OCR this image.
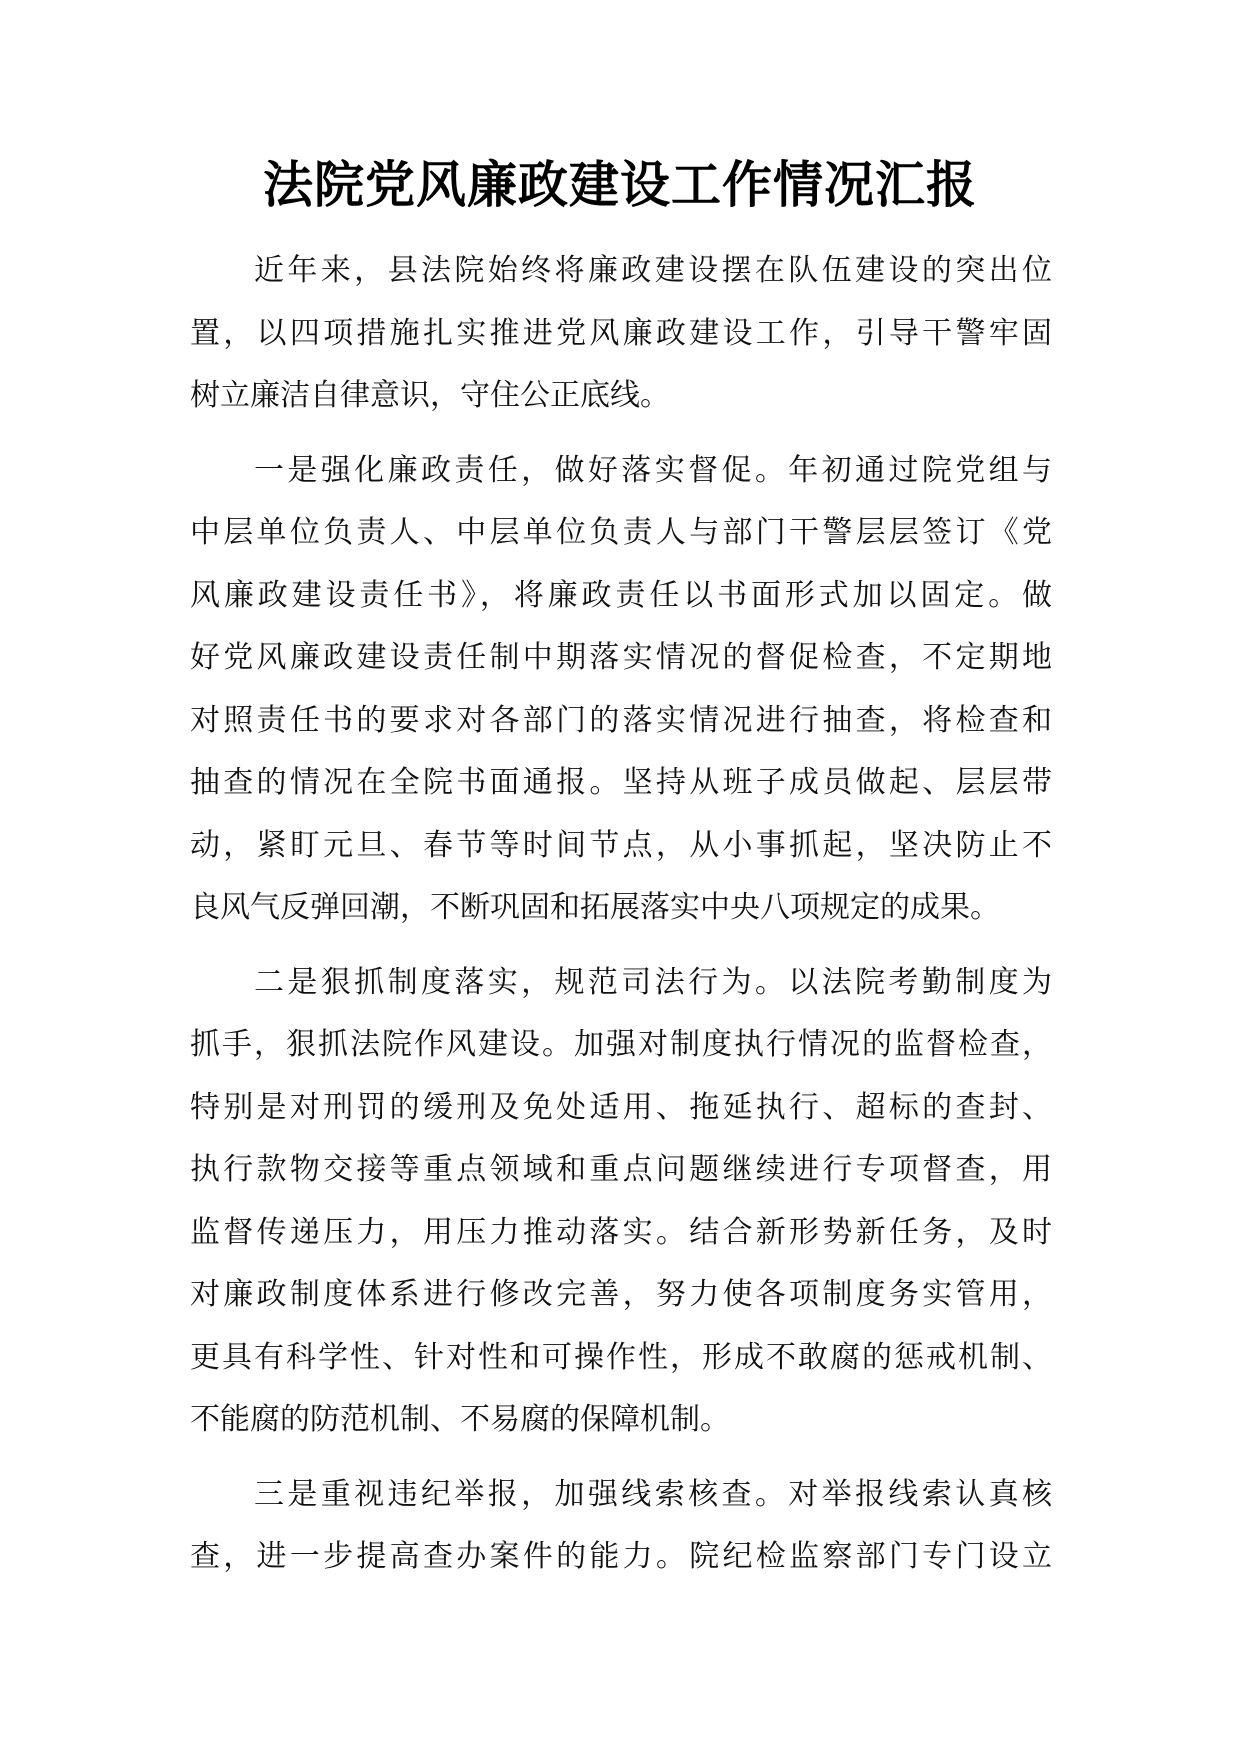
法院党风廉政建设工作情况汇报
近年来，县法院始终将廉政建设摆在队伍建设的突出位
置，以四项措施扎实推进党风廉政建设工作，引导干警牢固
树立廉洁自律意识，守住公正底线。
一是强化廉政责任，做好落实督促。年初通过院党组与
中层单位负责人、中层单位负责人与部门干警层层签订《党
风廉政建设责任书》，将廉政责任以书面形式加以固定。做
好党风廉政建设责任制中期落实情况的督促检查，不定期地
对照责任书的要求对各部门的落实情况进行抽查，将检查和
抽查的情况在全院书面通报。坚持从班子成员做起、层层带
动，紧盯元旦、春节等时间节点，从小事抓起，坚决防止不
良风气反弹回潮，不断巩固和拓展落实中央八项规定的成果。
二是狠抓制度落实，规范司法行为。以法院考勤制度为
抓手，狠抓法院作风建设。加强对制度执行情况的监督检查，
特别是对刑罚的缓刑及免处适用、拖延执行、超标的查封、
执行款物交接等重点领域和重点问题继续进行专项督查，用
监督传递压力，用压力推动落实。结合新形势新任务，及时
对廉政制度体系进行修改完善，努力使各项制度务实管用，
更具有科学性、针对性和可操作性，形成不敢腐的惩戒机制、
不能腐的防范机制、不易腐的保障机制。
三是重视违纪举报，加强线索核查。对举报线索认真核
查，进一步提高查办案件的能力。院纪检监察部门专门设立
